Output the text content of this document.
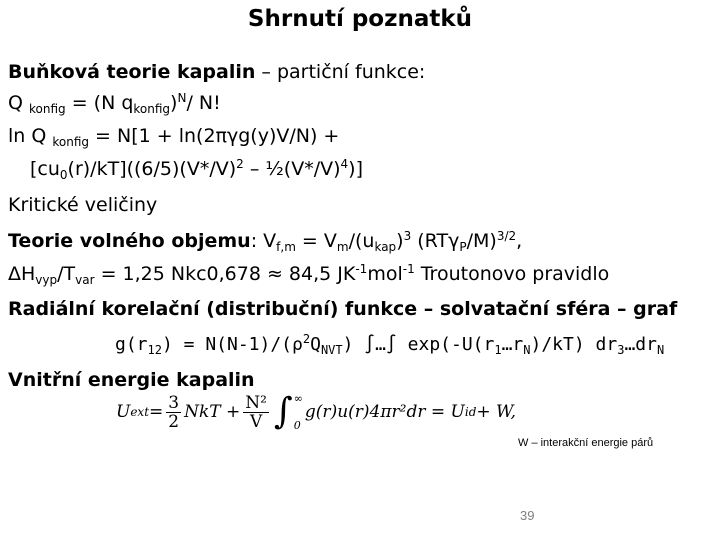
Shrnutí poznatků
Buňková teorie kapalin – partiční funkce:
Q $_{konfig}$ = (N $q_{konfig})^N/$ N!
ln Q $_{konfig}$ = N[1 + ln(2πγg(y)V/N) +
$[cu_0(r)/kT]((6/5)(V*/V)^2$ – $\frac{1}{2}(V*/V)^4$)]
Kritické veličiny
Teorie volného objemu: $V_{f,m} = V_m/(u_{kap})^3$ $(RT\gamma_P/M)^{3/2}$,
$\Delta H_{vyp}/T_{var} = 1,25$ Nkc0,678 ≈ 84,5 $JK^{-1}mol^{-1}$ Troutonovo pravidlo
Radiální korelační (distribuční) funkce – solvatační sféra – graf
$g(r_{12}) = N(N-1)/(\rho^2Q_{NVT})$ ∫…∫ $\exp(-U(r_1\dots r_N)/kT)$ $dr_3\dots dr_N$
Vnitřní energie kapalin
U ext = $\frac{3}{2}$ NkT + $\frac{\text{N²}}{V}$ ∫ ∞
0
g(r)u(r)4πr²dr = U id + W,
W – interakční energie párů
39
